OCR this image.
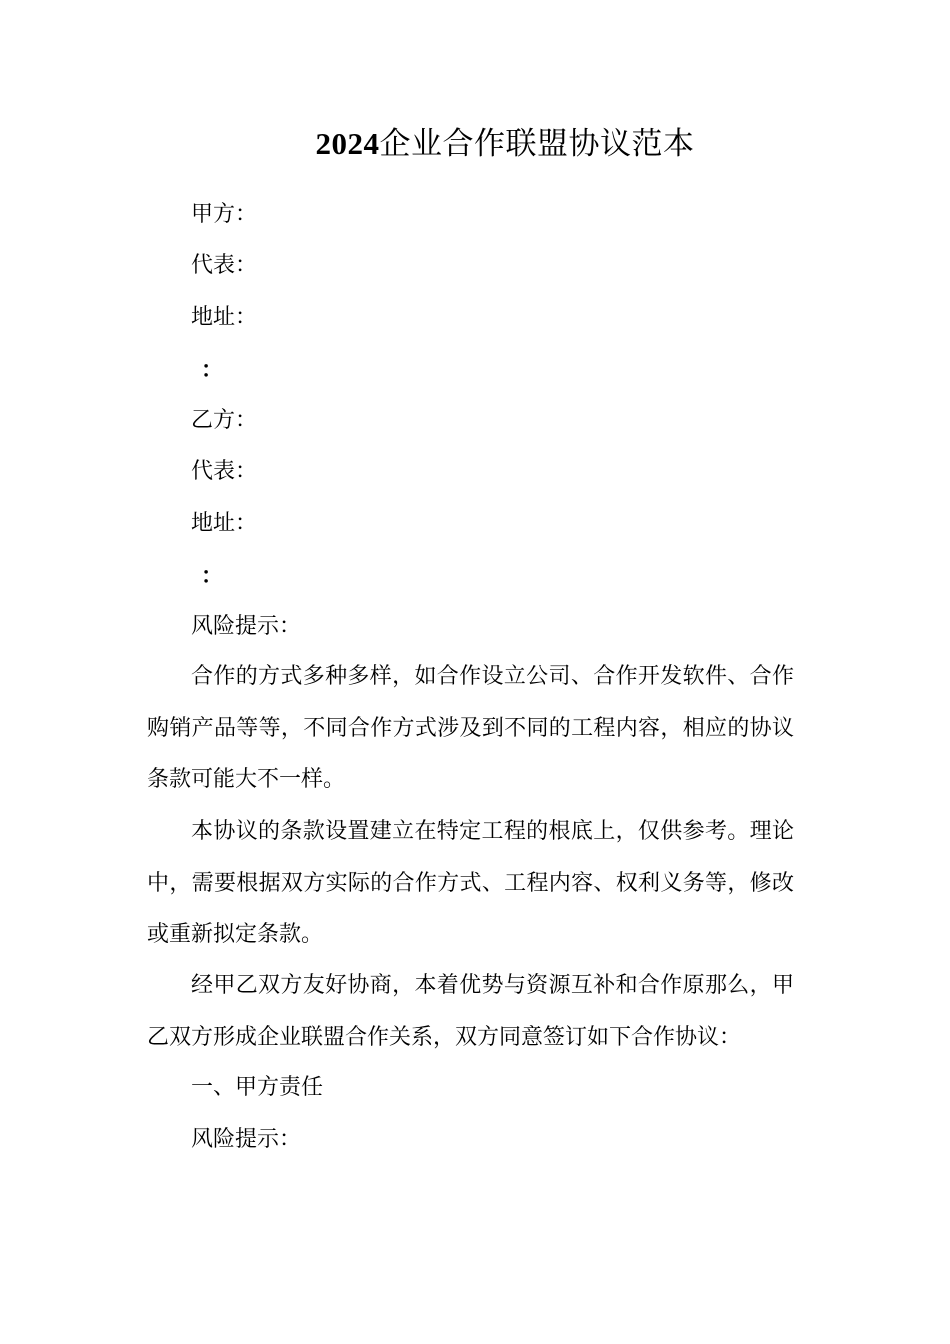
2024企业合作联盟协议范本
甲方：
代表：
地址：
：
乙方：
代表：
地址：
：
风险提示：
合作的方式多种多样，如合作设立公司、合作开发软件、合作购销产品等等，不同合作方式涉及到不同的工程内容，相应的协议条款可能大不一样。
本协议的条款设置建立在特定工程的根底上，仅供参考。理论中，需要根据双方实际的合作方式、工程内容、权利义务等，修改或重新拟定条款。
经甲乙双方友好协商，本着优势与资源互补和合作原那么，甲乙双方形成企业联盟合作关系，双方同意签订如下合作协议：
一、甲方责任
风险提示：
